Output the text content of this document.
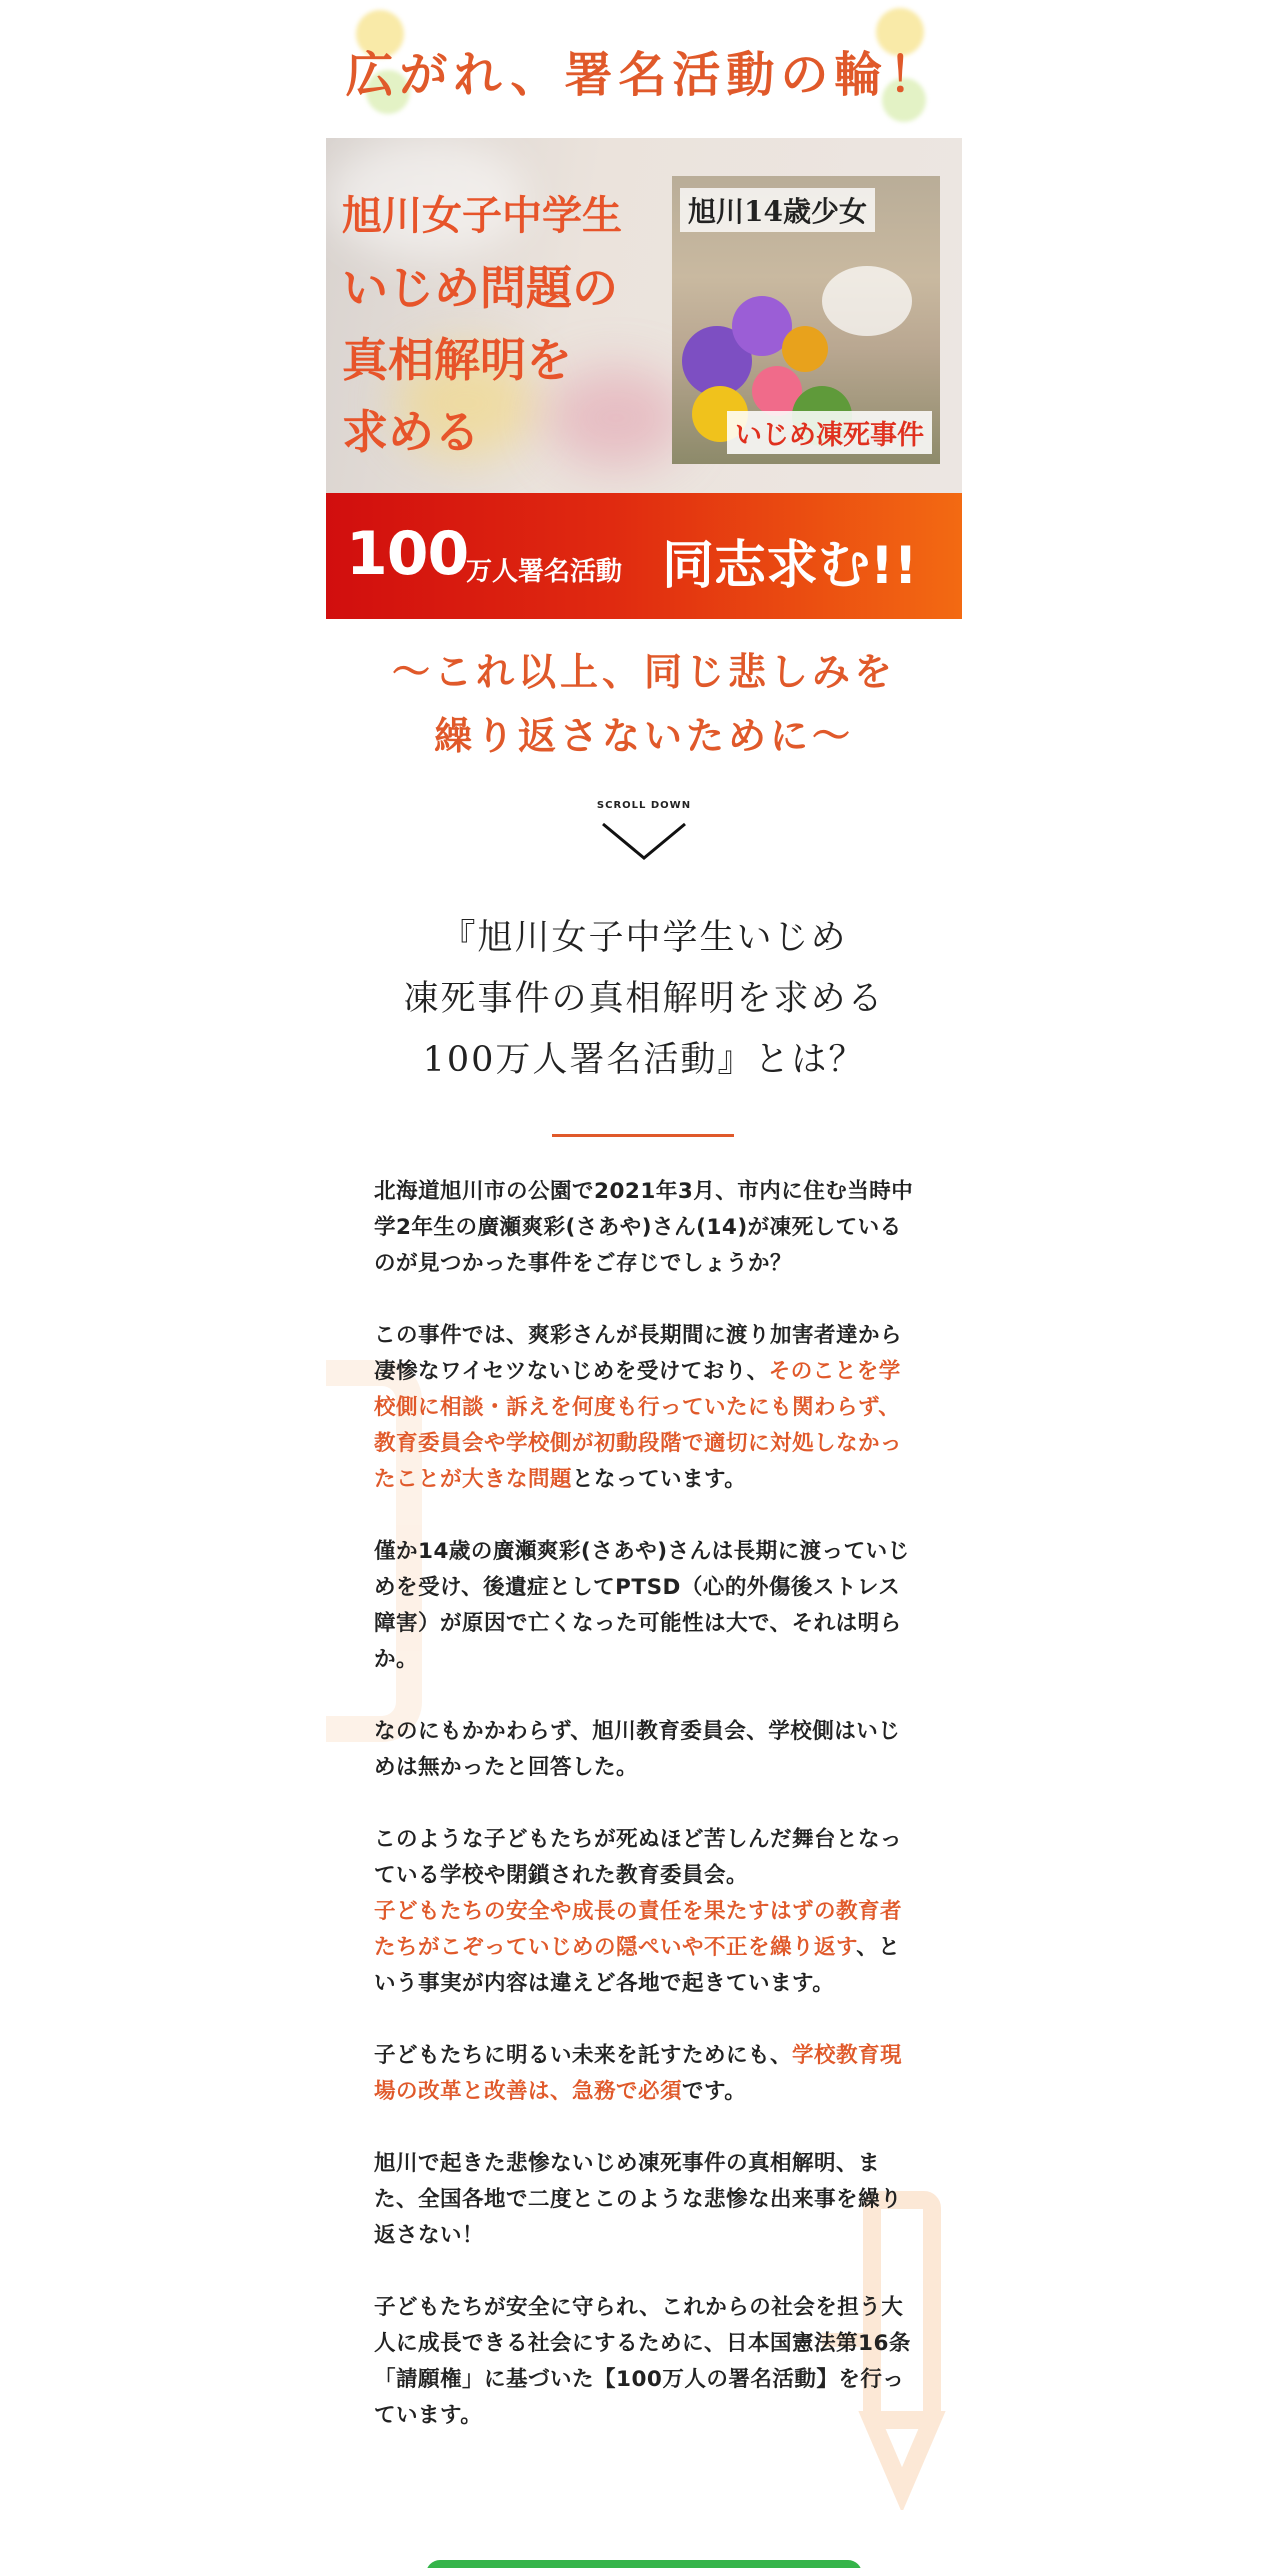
広がれ、署名活動の輪！
旭川女子中学生
いじめ問題の
真相解明を
求める
旭川14歳少女
いじめ凍死事件
100
万人署名活動 同志求む!!
～これ以上、同じ悲しみを
繰り返さないために～
SCROLL DOWN
『旭川女子中学生いじめ
凍死事件の真相解明を求める
100万人署名活動』とは？

北海道旭川市の公園で2021年3月、市内に住む当時中学2年生の廣瀬爽彩(さあや)さん(14)が凍死しているのが見つかった事件をご存じでしょうか？

この事件では、爽彩さんが長期間に渡り加害者達から凄惨なワイセツないじめを受けており、そのことを学校側に相談・訴えを何度も行っていたにも関わらず、教育委員会や学校側が初動段階で適切に対処しなかったことが大きな問題となっています。

僅か14歳の廣瀬爽彩(さあや)さんは長期に渡っていじめを受け、後遺症としてPTSD（心的外傷後ストレス障害）が原因で亡くなった可能性は大で、それは明らか。

なのにもかかわらず、旭川教育委員会、学校側はいじめは無かったと回答した。

このような子どもたちが死ぬほど苦しんだ舞台となっている学校や閉鎖された教育委員会。
子どもたちの安全や成長の責任を果たすはずの教育者たちがこぞっていじめの隠ぺいや不正を繰り返す、という事実が内容は違えど各地で起きています。

子どもたちに明るい未来を託すためにも、学校教育現場の改革と改善は、急務で必須です。

旭川で起きた悲惨ないじめ凍死事件の真相解明、また、全国各地で二度とこのような悲惨な出来事を繰り返さない！

子どもたちが安全に守られ、これからの社会を担う大人に成長できる社会にするために、日本国憲法第16条「請願権」に基づいた【100万人の署名活動】を行っています。
